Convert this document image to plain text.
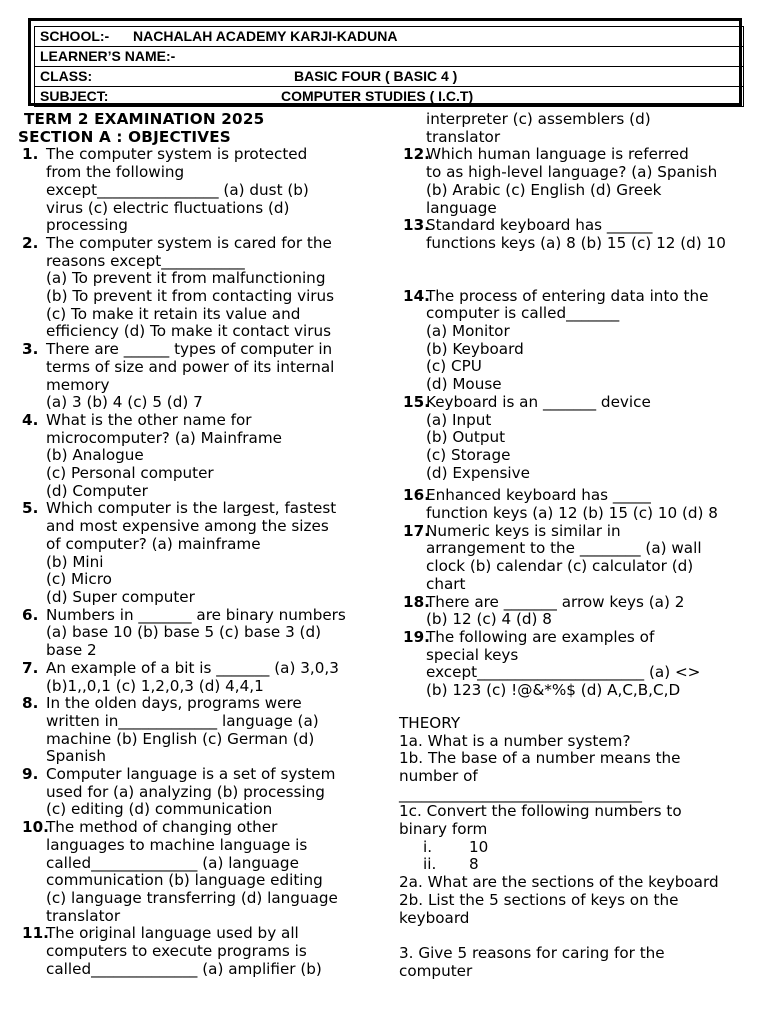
SCHOOL:- NACHALAH ACADEMY KARJI-KADUNA
LEARNER’S NAME:-
CLASS:	BASIC FOUR ( BASIC 4 )
SUBJECT:	COMPUTER STUDIES ( I.C.T)
TERM 2 EXAMINATION 2025
SECTION A : OBJECTIVES
1. The computer system is protected
from the following
except________________ (a) dust (b)
virus (c) electric fluctuations (d)
processing
2. The computer system is cared for the
reasons except___________
(a) To prevent it from malfunctioning
(b) To prevent it from contacting virus
(c) To make it retain its value and
efficiency (d) To make it contact virus
3. There are ______ types of computer in
terms of size and power of its internal
memory
(a) 3 (b) 4 (c) 5 (d) 7
4. What is the other name for
microcomputer? (a) Mainframe
(b) Analogue
(c) Personal computer
(d) Computer
5. Which computer is the largest, fastest
and most expensive among the sizes
of computer? (a) mainframe
(b) Mini
(c) Micro
(d) Super computer
6. Numbers in _______ are binary numbers
(a) base 10 (b) base 5 (c) base 3 (d)
base 2
7. An example of a bit is _______ (a) 3,0,3
(b)1,,0,1 (c) 1,2,0,3 (d) 4,4,1
8. In the olden days, programs were
written in_____________ language (a)
machine (b) English (c) German (d)
Spanish
9. Computer language is a set of system
used for (a) analyzing (b) processing
(c) editing (d) communication
10.
The method of changing other
languages to machine language is
called______________ (a) language
communication (b) language editing
(c) language transferring (d) language
translator
11.
The original language used by all
computers to execute programs is
called______________ (a) amplifier (b)
interpreter (c) assemblers (d)
translator
12.
Which human language is referred
to as high-level language? (a) Spanish
(b) Arabic (c) English (d) Greek
language
13.
Standard keyboard has ______
functions keys (a) 8 (b) 15 (c) 12 (d) 10
14.
The process of entering data into the
computer is called_______
(a) Monitor
(b) Keyboard
(c) CPU
(d) Mouse
15.
Keyboard is an _______ device
(a) Input
(b) Output
(c) Storage
(d) Expensive
16.
Enhanced keyboard has _____
function keys (a) 12 (b) 15 (c) 10 (d) 8
17.
Numeric keys is similar in
arrangement to the ________ (a) wall
clock (b) calendar (c) calculator (d)
chart
18.
There are _______ arrow keys (a) 2
(b) 12 (c) 4 (d) 8
19.
The following are examples of
special keys
except______________________ (a) <>
(b) 123 (c) !@&*%$ (d) A,C,B,C,D
THEORY
1a. What is a number system?
1b. The base of a number means the
number of
________________________________
1c. Convert the following numbers to
binary form
i. 10
ii. 8
2a. What are the sections of the keyboard
2b. List the 5 sections of keys on the
keyboard
3. Give 5 reasons for caring for the
computer
